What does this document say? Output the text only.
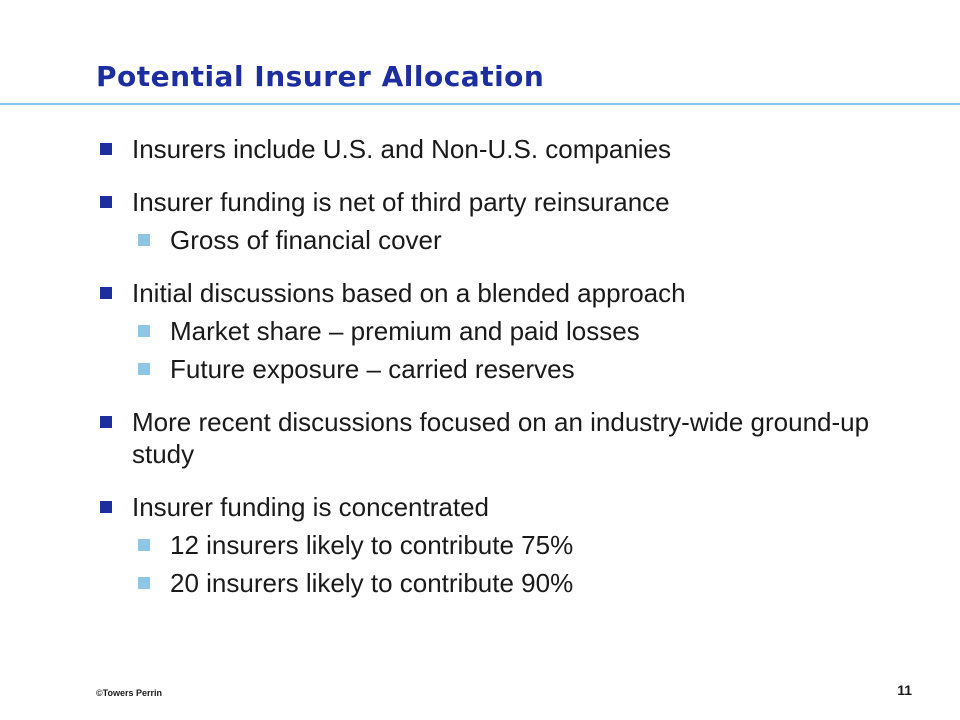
Potential Insurer Allocation
Insurers include U.S. and Non-U.S. companies
Insurer funding is net of third party reinsurance
Gross of financial cover
Initial discussions based on a blended approach
Market share – premium and paid losses
Future exposure – carried reserves
More recent discussions focused on an industry-wide ground-up study
Insurer funding is concentrated
12 insurers likely to contribute 75%
20 insurers likely to contribute 90%
©Towers Perrin	11
